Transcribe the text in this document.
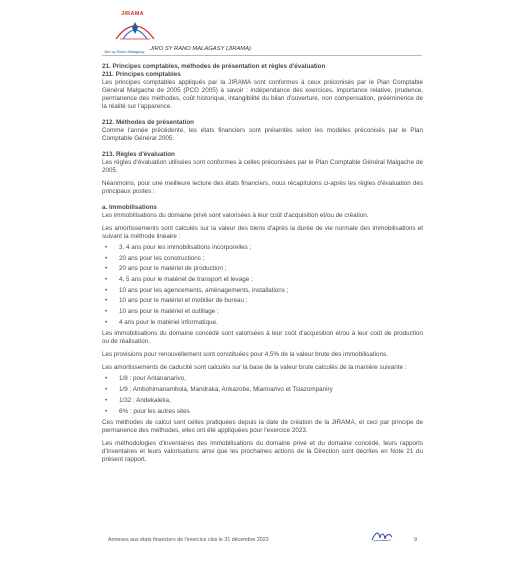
JIRAMA
Jiro sy Rano Malagasy JIRO SY RANO MALAGASY (JIRAMA)

21. Principes comptables, méthodes de présentation et règles d'évaluation

211. Principes comptables

Les principes comptables appliqués par la JIRAMA sont conformes à ceux préconisés par le Plan Comptable Général Malgache de 2005 (PCG 2005) à savoir : indépendance des exercices, importance relative, prudence, permanence des méthodes, coût historique, intangibilité du bilan d'ouverture, non compensation, prééminence de la réalité sur l'apparence.

212. Méthodes de présentation

Comme l'année précédente, les états financiers sont présentés selon les modèles préconisés par le Plan Comptable Général 2005.

213. Règles d'évaluation

Les règles d'évaluation utilisées sont conformes à celles préconisées par le Plan Comptable Général Malgache de 2005.

Néanmoins, pour une meilleure lecture des états financiers, nous récapitulons ci-après les règles d'évaluation des principaux postes :

a. Immobilisations

Les immobilisations du domaine privé sont valorisées à leur coût d'acquisition et/ou de création.

Les amortissements sont calculés sur la valeur des biens d'après la durée de vie normale des immobilisations et suivant la méthode linéaire :

• 3, 4 ans pour les immobilisations incorporelles ;
• 20 ans pour les constructions ;
• 20 ans pour le matériel de production ;
• 4, 5 ans pour le matériel de transport et levage ;
• 10 ans pour les agencements, aménagements, installations ;
• 10 ans pour le matériel et mobilier de bureau ;
• 10 ans pour le matériel et outillage ;
• 4 ans pour le matériel informatique.

Les immobilisations du domaine concédé sont valorisées à leur coût d'acquisition et/ou à leur coût de production ou de réalisation.

Les provisions pour renouvellement sont constituées pour 4,5% de la valeur brute des immobilisations.

Les amortissements de caducité sont calculés sur la base de la valeur brute calculés de la manière suivante :

• 1/8 : pour Antananarivo,
• 1/9 : Ambohimanambola, Mandraka, Ankazobe, Miarinarivo et Tsiazompaniry
• 1/32 : Andekaleka,
• 6% : pour les autres sites

Ces méthodes de calcul sont celles pratiquées depuis la date de création de la JIRAMA, et ceci par principe de permanence des méthodes, elles ont été appliquées pour l'exercice 2023.

Les méthodologies d'inventaires des immobilisations du domaine privé et du domaine concédé, leurs rapports d'inventaires et leurs valorisations ainsi que les prochaines actions de la Direction sont décrites en Note 21 du présent rapport.

Annexes aux états financiers de l'exercice clos le 31 décembre 2023	9
